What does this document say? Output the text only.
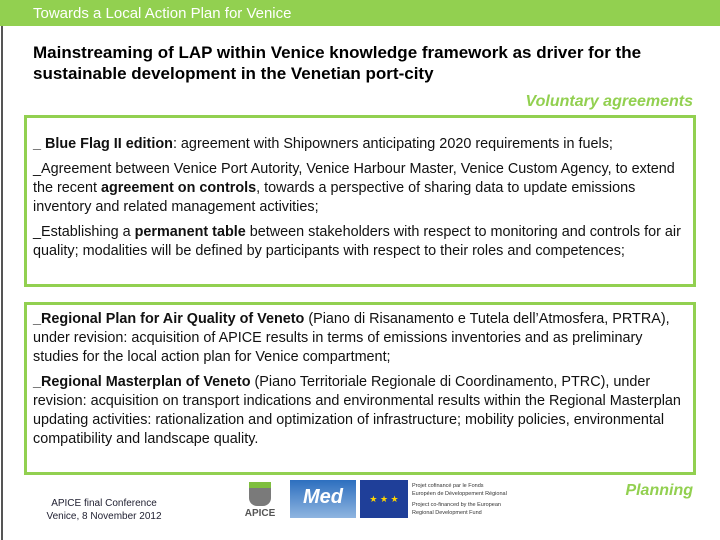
Towards a Local Action Plan for Venice
Mainstreaming of LAP within Venice knowledge framework as driver for the sustainable development in the Venetian port-city
Voluntary agreements

_ Blue Flag II edition: agreement with Shipowners anticipating 2020 requirements in fuels;

_Agreement between Venice Port Autority, Venice Harbour Master, Venice Custom Agency, to extend the recent agreement on controls, towards a perspective of sharing data to update emissions inventory and related management activities;

_Establishing a permanent table between stakeholders with respect to monitoring and controls for air quality; modalities will be defined by participants with respect to their roles and competences;

_Regional Plan for Air Quality of Veneto (Piano di Risanamento e Tutela dell’Atmosfera, PRTRA), under revision: acquisition of APICE results in terms of emissions inventories and as preliminary studies for the local action plan for Venice compartment;

_Regional Masterplan of Veneto (Piano Territoriale Regionale di Coordinamento, PTRC), under revision: acquisition on transport indications and environmental results within the Regional Masterplan updating activities: rationalization and optimization of infrastructure; mobility policies, environmental compatibility and landscape quality.

Planning
APICE final Conference
Venice, 8 November 2012	APICE
Med	★ ★ ★
Projet cofinancé par le Fonds Européen de Développement Régional
Project co-financed by the European Regional Development Fund
